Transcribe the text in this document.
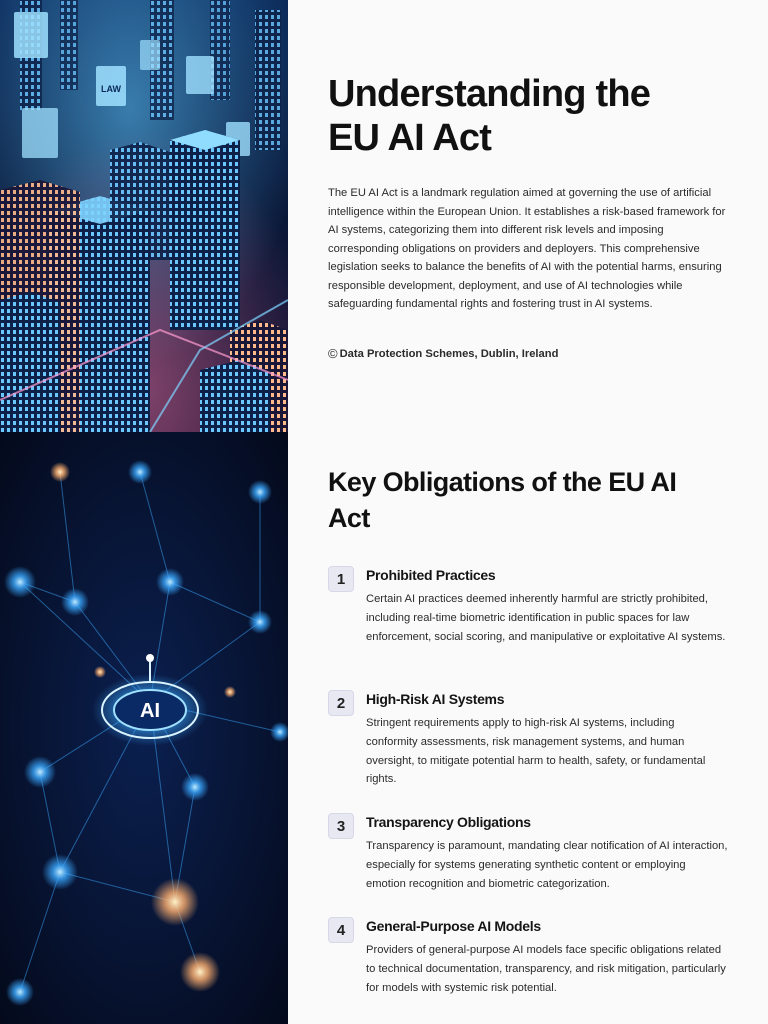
LAW
AI
Understanding the
EU AI Act

The EU AI Act is a landmark regulation aimed at governing the use of artificial intelligence within the European Union. It establishes a risk-based framework for AI systems, categorizing them into different risk levels and imposing corresponding obligations on providers and deployers. This comprehensive legislation seeks to balance the benefits of AI with the potential harms, ensuring responsible development, deployment, and use of AI technologies while safeguarding fundamental rights and fostering trust in AI systems.

© Data Protection Schemes, Dublin, Ireland
Key Obligations of the EU AI
Act
1	Prohibited Practices
Certain AI practices deemed inherently harmful are strictly prohibited, including real-time biometric identification in public spaces for law enforcement, social scoring, and manipulative or exploitative AI systems.
2	High-Risk AI Systems
Stringent requirements apply to high-risk AI systems, including conformity assessments, risk management systems, and human oversight, to mitigate potential harm to health, safety, or fundamental rights.
3	Transparency Obligations
Transparency is paramount, mandating clear notification of AI interaction, especially for systems generating synthetic content or employing emotion recognition and biometric categorization.
4	General-Purpose AI Models
Providers of general-purpose AI models face specific obligations related to technical documentation, transparency, and risk mitigation, particularly for models with systemic risk potential.
